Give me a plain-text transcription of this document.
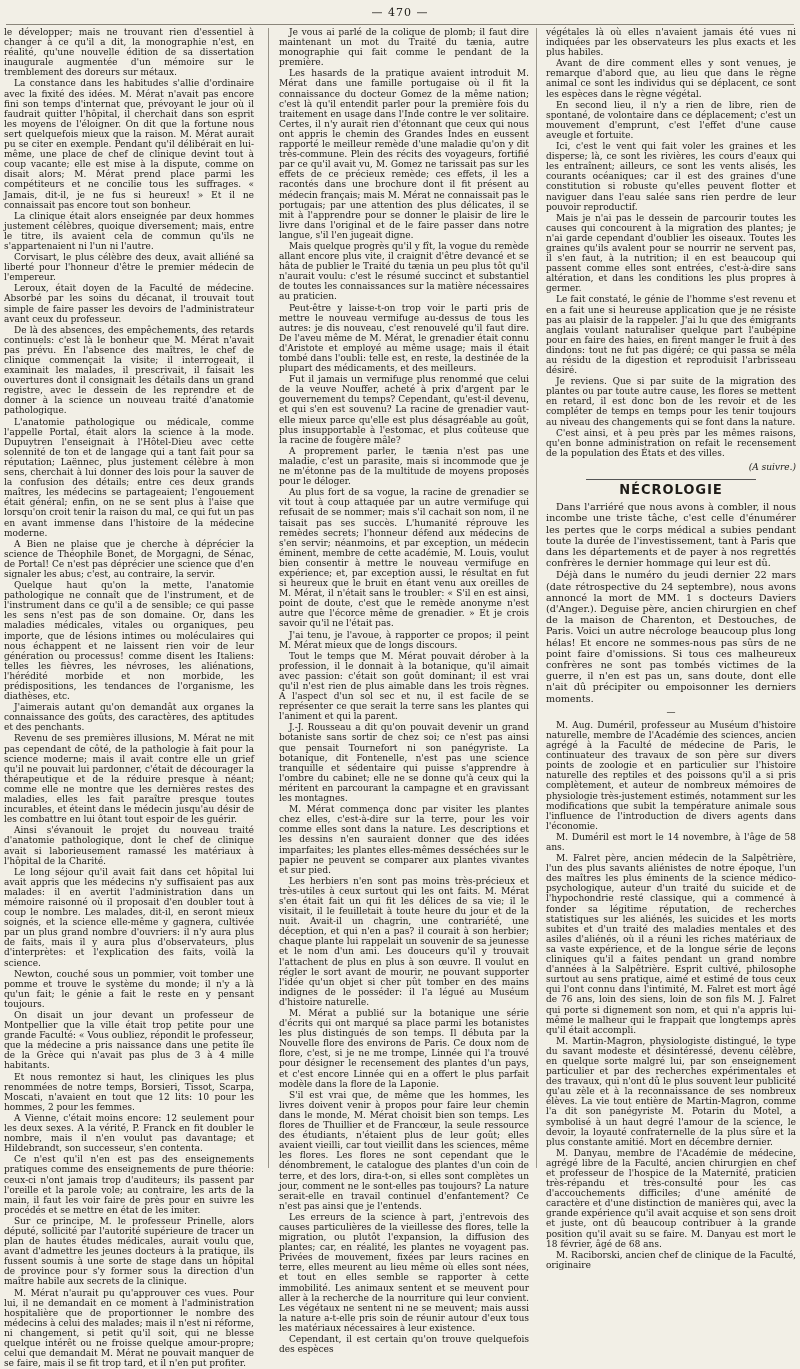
— 470 —

le développer; mais ne trouvant rien d'essentiel à changer à ce qu'il a dit, la monographie n'est, en réalité, qu'une nouvelle édition de sa dissertation inaugurale augmentée d'un mémoire sur le tremblement des doreurs sur métaux.

La constance dans les habitudes s'allie d'ordinaire avec la fixité des idées. M. Mérat n'avait pas encore fini son temps d'internat que, prévoyant le jour où il faudrait quitter l'hôpital, il cherchait dans son esprit les moyens de l'éloigner. On dit que la fortune nous sert quelquefois mieux que la raison. M. Mérat aurait pu se citer en exemple. Pendant qu'il délibérait en lui-même, une place de chef de clinique devint tout à coup vacante; elle est mise à la dispute, comme on disait alors; M. Mérat prend place parmi les compétiteurs et ne concilie tous les suffrages. « Jamais, dit-il, je ne fus si heureux! » Et il ne connaissait pas encore tout son bonheur.

La clinique était alors enseignée par deux hommes justement célèbres, quoique diversement; mais, entre le titre, ils avaient cela de commun qu'ils ne s'appartenaient ni l'un ni l'autre.

Corvisart, le plus célèbre des deux, avait alliéné sa liberté pour l'honneur d'être le premier médecin de l'empereur.

Leroux, était doyen de la Faculté de médecine. Absorbé par les soins du décanat, il trouvait tout simple de faire passer les devoirs de l'administrateur avant ceux du professeur.

De là des absences, des empêchements, des retards continuels: c'est là le bonheur que M. Mérat n'avait pas prévu. En l'absence des maîtres, le chef de clinique commençait la visite; il interrogeait, il examinait les malades, il prescrivait, il faisait les ouvertures dont il consignait les détails dans un grand registre, avec le dessein de les reprendre et de donner à la science un nouveau traité d'anatomie pathologique.

L'anatomie pathologique ou médicale, comme l'appelle Portal, était alors la science à la mode. Dupuytren l'enseignait à l'Hôtel-Dieu avec cette solennité de ton et de langage qui a tant fait pour sa réputation; Laënnec, plus justement célèbre à mon sens, cherchait à lui donner des lois pour la sauver de la confusion des détails; entre ces deux grands maîtres, les médecins se partageaient; l'engouement était général; enfin, on ne se sent plus à l'aise que lorsqu'on croit tenir la raison du mal, ce qui fut un pas en avant immense dans l'histoire de la médecine moderne.

A Bien ne plaise que je cherche à déprécier la science de Théophile Bonet, de Morgagni, de Sénac, de Portal! Ce n'est pas déprécier une science que d'en signaler les abus; c'est, au contraire, la servir.

Quelque haut qu'on la mette, l'anatomie pathologique ne connaît que de l'instrument, et de l'instrument dans ce qu'il a de sensible; ce qui passe les sens n'est pas de son domaine. Or, dans les maladies médicales, vitales ou organiques, peu importe, que de lésions intimes ou moléculaires qui nous échappent et ne laissent rien voir de leur génération ou processus! comme disent les Italiens: telles les fièvres, les névroses, les aliénations, l'hérédité morbide et non morbide, les prédispositions, les tendances de l'organisme, les diathèses, etc.

J'aimerais autant qu'on demandât aux organes la connaissance des goûts, des caractères, des aptitudes et des penchants.

Revenu de ses premières illusions, M. Mérat ne mit pas cependant de côté, de la pathologie à fait pour la science moderne; mais il avait contre elle un grief qu'il ne pouvait lui pardonner, c'était de décourager la thérapeutique et de la réduire presque à néant; comme elle ne montre que les dernières restes des maladies, elles les fait paraître presque toutes incurables, et éteint dans le médecin jusqu'au désir de les combattre en lui ôtant tout espoir de les guérir.

Ainsi s'évanouit le projet du nouveau traité d'anatomie pathologique, dont le chef de clinique avait si laborieusement ramassé les matériaux à l'hôpital de la Charité.

Le long séjour qu'il avait fait dans cet hôpital lui avait appris que les médecins n'y suffisaient pas aux malades: il en avertit l'administration dans un mémoire raisonné où il proposait d'en doubler tout à coup le nombre. Les malades, dit-il, en seront mieux soignés, et la science elle-même y gagnera, cultivée par un plus grand nombre d'ouvriers: il n'y aura plus de faits, mais il y aura plus d'observateurs, plus d'interprètes: et l'explication des faits, voilà la science.

Newton, couché sous un pommier, voit tomber une pomme et trouve le système du monde; il n'y a là qu'un fait; le génie a fait le reste en y pensant toujours.

On disait un jour devant un professeur de Montpellier que la ville était trop petite pour une grande Faculté: « Vous oubliez, répondit le professeur, que la médecine a pris naissance dans une petite île de la Grèce qui n'avait pas plus de 3 à 4 mille habitants.

Et nous remontez si haut, les cliniques les plus renommées de notre temps, Borsieri, Tissot, Scarpa, Moscati, n'avaient en tout que 12 lits: 10 pour les hommes, 2 pour les femmes.

A Vienne, c'était moins encore: 12 seulement pour les deux sexes. A la vérité, P. Franck en fit doubler le nombre, mais il n'en voulut pas davantage; et Hildebrandt, son successeur, s'en contenta.

Ce n'est qu'il n'en est pas des enseignements pratiques comme des enseignements de pure théorie: ceux-ci n'ont jamais trop d'auditeurs; ils passent par l'oreille et la parole vole; au contraire, les arts de la main, il faut les voir faire de près pour en suivre les procédés et se mettre en état de les imiter.

Sur ce principe, M. le professeur Prinelle, alors député, sollicité par l'autorité supérieure de tracer un plan de hautes études médicales, aurait voulu que, avant d'admettre les jeunes docteurs à la pratique, ils fussent soumis à une sorte de stage dans un hôpital de province pour s'y former sous la direction d'un maître habile aux secrets de la clinique.

M. Mérat n'aurait pu qu'approuver ces vues. Pour lui, il ne demandait en ce moment à l'administration hospitalière que de proportionner le nombre des médecins à celui des malades; mais il n'est ni réforme, ni changement, si petit qu'il soit, qui ne blesse quelque intérêt ou ne froisse quelque amour-propre; celui que demandait M. Mérat ne pouvait manquer de se faire, mais il se fit trop tard, et il n'en put profiter.

Je vous ai parlé de la colique de plomb; il faut dire maintenant un mot du Traité du tænia, autre monographie qui fait comme le pendant de la première.

Les hasards de la pratique avaient introduit M. Mérat dans une famille portugaise où il fit la connaissance du docteur Gomez de la même nation; c'est là qu'il entendit parler pour la première fois du traitement en usage dans l'Inde contre le ver solitaire. Certes, il n'y aurait rien d'étonnant que ceux qui nous ont appris le chemin des Grandes Indes en eussent rapporté le meilleur remède d'une maladie qu'on y dit très-commune. Plein des récits des voyageurs, fortifié par ce qu'il avait vu, M. Gomez ne tarissait pas sur les effets de ce précieux remède; ces effets, il les a racontés dans une brochure dont il fit présent au médecin français; mais M. Mérat ne connaissait pas le portugais; par une attention des plus délicates, il se mit à l'apprendre pour se donner le plaisir de lire le livre dans l'original et de le faire passer dans notre langue, s'il l'en jugeait digne.

Mais quelque progrès qu'il y fît, la vogue du remède allant encore plus vite, il craignit d'être devancé et se hâta de publier le Traité du tænia un peu plus tôt qu'il n'aurait voulu: c'est le résumé succinct et substantiel de toutes les connaissances sur la matière nécessaires au praticien.

Peut-être y laisse-t-on trop voir le parti pris de mettre le nouveau vermifuge au-dessus de tous les autres: je dis nouveau, c'est renouvelé qu'il faut dire. De l'aveu même de M. Mérat, le grenadier était connu d'Aristote et employé au même usage; mais il était tombé dans l'oubli: telle est, en reste, la destinée de la plupart des médicaments, et des meilleurs.

Fut il jamais un vermifuge plus renommé que celui de la veuve Nouffer, acheté à prix d'argent par le gouvernement du temps? Cependant, qu'est-il devenu, et qui s'en est souvenu? La racine de grenadier vaut-elle mieux parce qu'elle est plus désagréable au goût, plus insupportable à l'estomac, et plus coûteuse que la racine de fougère mâle?

A proprement parler, le tænia n'est pas une maladie, c'est un parasite, mais si incommode que je ne m'étonne pas de la multitude de moyens proposés pour le déloger.

Au plus fort de sa vogue, la racine de grenadier se vit tout à coup attaquée par un autre vermifuge qui refusait de se nommer; mais s'il cachait son nom, il ne taisait pas ses succès. L'humanité réprouve les remèdes secrets; l'honneur défend aux médecins de s'en servir; néanmoins, et par exception, un médecin éminent, membre de cette académie, M. Louis, voulut bien consentir à mettre le nouveau vermifuge en expérience; et, par exception aussi, le résultat en fut si heureux que le bruit en étant venu aux oreilles de M. Mérat, il n'était sans le troubler: « S'il en est ainsi, point de doute, c'est que le remède anonyme n'est autre que l'écorce même de grenadier. » Et je crois savoir qu'il ne l'était pas.

J'ai tenu, je l'avoue, à rapporter ce propos; il peint M. Mérat mieux que de longs discours.

Tout le temps que M. Mérat pouvait dérober à la profession, il le donnait à la botanique, qu'il aimait avec passion: c'était son goût dominant; il est vrai qu'il n'est rien de plus aimable dans les trois règnes. A l'aspect d'un sol sec et nu, il est facile de se représenter ce que serait la terre sans les plantes qui l'animent et qui la parent.

J.-J. Rousseau a dit qu'on pouvait devenir un grand botaniste sans sortir de chez soi; ce n'est pas ainsi que pensait Tournefort ni son panégyriste. La botanique, dit Fontenelle, n'est pas une science tranquille et sédentaire qui puisse s'apprendre à l'ombre du cabinet; elle ne se donne qu'à ceux qui la méritent en parcourant la campagne et en gravissant les montagnes.

M. Mérat commença donc par visiter les plantes chez elles, c'est-à-dire sur la terre, pour les voir comme elles sont dans la nature. Les descriptions et les dessins n'en sauraient donner que des idées imparfaites; les plantes elles-mêmes desséchées sur le papier ne peuvent se comparer aux plantes vivantes et sur pied.

Les herbiers n'en sont pas moins très-précieux et très-utiles à ceux surtout qui les ont faits. M. Mérat s'en était fait un qui fit les délices de sa vie; il le visitait, il le feuilletait à toute heure du jour et de la nuit. Avait-il un chagrin, une contrariété, une déception, et qui n'en a pas? il courait à son herbier; chaque plante lui rappelait un souvenir de sa jeunesse et le nom d'un ami. Les douceurs qu'il y trouvait l'attachent de plus en plus à son œuvre. Il voulut en régler le sort avant de mourir, ne pouvant supporter l'idée qu'un objet si cher pût tomber en des mains indignes de le posséder: il l'a légué au Muséum d'histoire naturelle.

M. Mérat a publié sur la botanique une série d'écrits qui ont marqué sa place parmi les botanistes les plus distingués de son temps. Il débuta par la Nouvelle flore des environs de Paris. Ce doux nom de flore, c'est, si je ne me trompe, Linnée qui l'a trouvé pour désigner le recensement des plantes d'un pays, et c'est encore Linnée qui en a offert le plus parfait modèle dans la flore de la Laponie.

S'il est vrai que, de même que les hommes, les livres doivent venir à propos pour faire leur chemin dans le monde, M. Mérat choisit bien son temps. Les flores de Thuillier et de Francœur, la seule ressource des étudiants, n'étaient plus de leur goût; elles avaient vieilli, car tout vieillit dans les sciences, même les flores. Les flores ne sont cependant que le dénombrement, le catalogue des plantes d'un coin de terre, et des lors, dira-t-on, si elles sont complètes un jour, comment ne le sont-elles pas toujours? La nature serait-elle en travail continuel d'enfantement? Ce n'est pas ainsi que je l'entends.

Les erreurs de la science à part, j'entrevois des causes particulières de la vieillesse des flores, telle la migration, ou plutôt l'expansion, la diffusion des plantes; car, en réalité, les plantes ne voyagent pas. Privées de mouvement, fixées par leurs racines en terre, elles meurent au lieu même où elles sont nées, et tout en elles semble se rapporter à cette immobilité. Les animaux sentent et se meuvent pour aller à la recherche de la nourriture qui leur convient. Les végétaux ne sentent ni ne se meuvent; mais aussi la nature a-t-elle pris soin de réunir autour d'eux tous les matériaux nécessaires à leur existence.

Cependant, il est certain qu'on trouve quelquefois des espèces

végétales là où elles n'avaient jamais été vues ni indiquées par les observateurs les plus exacts et les plus habiles.

Avant de dire comment elles y sont venues, je remarque d'abord que, au lieu que dans le règne animal ce sont les individus qui se déplacent, ce sont les espèces dans le règne végétal.

En second lieu, il n'y a rien de libre, rien de spontané, de volontaire dans ce déplacement; c'est un mouvement d'emprunt, c'est l'effet d'une cause aveugle et fortuite.

Ici, c'est le vent qui fait voler les graines et les disperse; là, ce sont les rivières, les cours d'eaux qui les entraînent; ailleurs, ce sont les vents alisés, les courants océaniques; car il est des graines d'une constitution si robuste qu'elles peuvent flotter et naviguer dans l'eau salée sans rien perdre de leur pouvoir reproductif.

Mais je n'ai pas le dessein de parcourir toutes les causes qui concourent à la migration des plantes; je n'ai garde cependant d'oublier les oiseaux. Toutes les graines qu'ils avalent pour se nourrir ne servent pas, il s'en faut, à la nutrition; il en est beaucoup qui passent comme elles sont entrées, c'est-à-dire sans altération, et dans les conditions les plus propres à germer.

Le fait constaté, le génie de l'homme s'est revenu et en a fait une si heureuse application que je ne résiste pas au plaisir de la rappeler. J'ai lu que des émigrants anglais voulant naturaliser quelque part l'aubépine pour en faire des haies, en firent manger le fruit à des dindons: tout ne fut pas digéré; ce qui passa se mêla au résidu de la digestion et reproduisit l'arbrisseau désiré.

Je reviens. Que si par suite de la migration des plantes ou par toute autre cause, les flores se mettent en retard, il est donc bon de les revoir et de les compléter de temps en temps pour les tenir toujours au niveau des changements qui se font dans la nature.

C'est ainsi, et à peu près par les mêmes raisons, qu'en bonne administration on refait le recensement de la population des États et des villes.

(A suivre.)
NÉCROLOGIE

Dans l'arriéré que nous avons à combler, il nous incombe une triste tâche, c'est celle d'énumérer les pertes que le corps médical a subies pendant toute la durée de l'investissement, tant à Paris que dans les départements et de payer à nos regrettés confrères le dernier hommage qui leur est dû.

Déjà dans le numéro du jeudi dernier 22 mars (date rétrospective du 24 septembre), nous avons annoncé la mort de MM. 1 s docteurs Daviers (d'Anger.). Deguise père, ancien chirurgien en chef de la maison de Charenton, et Destouches, de Paris. Voici un autre nécrologe beaucoup plus long hélas! Et encore ne sommes-nous pas sûrs de ne point faire d'omissions. Si tous ces malheureux confrères ne sont pas tombés victimes de la guerre, il n'en est pas un, sans doute, dont elle n'ait dû précipiter ou empoisonner les derniers moments.

—

M. Aug. Duméril, professeur au Muséum d'histoire naturelle, membre de l'Académie des sciences, ancien agrégé à la Faculté de médecine de Paris, le continuateur des travaux de son père sur divers points de zoologie et en particulier sur l'histoire naturelle des reptiles et des poissons qu'il a si pris complètement, et auteur de nombreux mémoires de physiologie très-justement estimés, notamment sur les modifications que subit la température animale sous l'influence de l'introduction de divers agents dans l'économie.

M. Duméril est mort le 14 novembre, à l'âge de 58 ans.

M. Falret père, ancien médecin de la Salpêtrière, l'un des plus savants aliénistes de notre époque, l'un des maîtres les plus éminents de la science médico-psychologique, auteur d'un traité du suicide et de l'hypochondrie resté classique, qui a commencé à fonder sa légitime réputation, de recherches statistiques sur les aliénés, les suicides et les morts subites et d'un traité des maladies mentales et des asiles d'aliénés, où il a réuni les riches matériaux de sa vaste expérience, et de la longue série de leçons cliniques qu'il a faites pendant un grand nombre d'années à la Salpêtrière. Esprit cultivé, philosophe surtout au sens pratique, aimé et estimé de tous ceux qui l'ont connu dans l'intimité, M. Falret est mort âgé de 76 ans, loin des siens, loin de son fils M. J. Falret qui porte si dignement son nom, et qui n'a appris lui-même le malheur qui le frappait que longtemps après qu'il était accompli.

M. Martin-Magron, physiologiste distingué, le type du savant modeste et désintéressé, devenu célèbre, en quelque sorte malgré lui, par son enseignement particulier et par des recherches expérimentales et des travaux, qui n'ont dû le plus souvent leur publicité qu'au zèle et à la reconnaissance de ses nombreux élèves. La vie tout entière de Martin-Magron, comme l'a dit son panégyriste M. Potarin du Motel, a symbolisé à un haut degré l'amour de la science, le devoir, la loyauté confraternelle de la plus sûre et la plus constante amitié. Mort en décembre dernier.

M. Danyau, membre de l'Académie de médecine, agrégé libre de la Faculté, ancien chirurgien en chef et professeur de l'hospice de la Maternité, praticien très-répandu et très-consulté pour les cas d'accouchements difficiles; d'une aménité de caractère et d'une distinction de manières qui, avec la grande expérience qu'il avait acquise et son sens droit et juste, ont dû beaucoup contribuer à la grande position qu'il avait su se faire. M. Danyau est mort le 18 février, âgé de 68 ans.

M. Raciborski, ancien chef de clinique de la Faculté, originaire
